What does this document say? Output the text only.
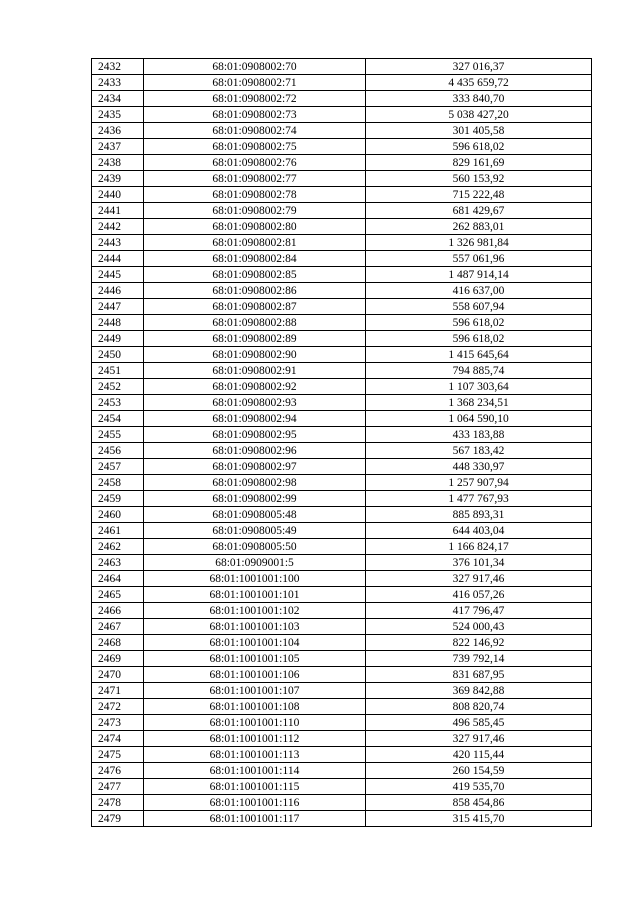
2432	68:01:0908002:70	327 016,37
2433	68:01:0908002:71	4 435 659,72
2434	68:01:0908002:72	333 840,70
2435	68:01:0908002:73	5 038 427,20
2436	68:01:0908002:74	301 405,58
2437	68:01:0908002:75	596 618,02
2438	68:01:0908002:76	829 161,69
2439	68:01:0908002:77	560 153,92
2440	68:01:0908002:78	715 222,48
2441	68:01:0908002:79	681 429,67
2442	68:01:0908002:80	262 883,01
2443	68:01:0908002:81	1 326 981,84
2444	68:01:0908002:84	557 061,96
2445	68:01:0908002:85	1 487 914,14
2446	68:01:0908002:86	416 637,00
2447	68:01:0908002:87	558 607,94
2448	68:01:0908002:88	596 618,02
2449	68:01:0908002:89	596 618,02
2450	68:01:0908002:90	1 415 645,64
2451	68:01:0908002:91	794 885,74
2452	68:01:0908002:92	1 107 303,64
2453	68:01:0908002:93	1 368 234,51
2454	68:01:0908002:94	1 064 590,10
2455	68:01:0908002:95	433 183,88
2456	68:01:0908002:96	567 183,42
2457	68:01:0908002:97	448 330,97
2458	68:01:0908002:98	1 257 907,94
2459	68:01:0908002:99	1 477 767,93
2460	68:01:0908005:48	885 893,31
2461	68:01:0908005:49	644 403,04
2462	68:01:0908005:50	1 166 824,17
2463	68:01:0909001:5	376 101,34
2464	68:01:1001001:100	327 917,46
2465	68:01:1001001:101	416 057,26
2466	68:01:1001001:102	417 796,47
2467	68:01:1001001:103	524 000,43
2468	68:01:1001001:104	822 146,92
2469	68:01:1001001:105	739 792,14
2470	68:01:1001001:106	831 687,95
2471	68:01:1001001:107	369 842,88
2472	68:01:1001001:108	808 820,74
2473	68:01:1001001:110	496 585,45
2474	68:01:1001001:112	327 917,46
2475	68:01:1001001:113	420 115,44
2476	68:01:1001001:114	260 154,59
2477	68:01:1001001:115	419 535,70
2478	68:01:1001001:116	858 454,86
2479	68:01:1001001:117	315 415,70
